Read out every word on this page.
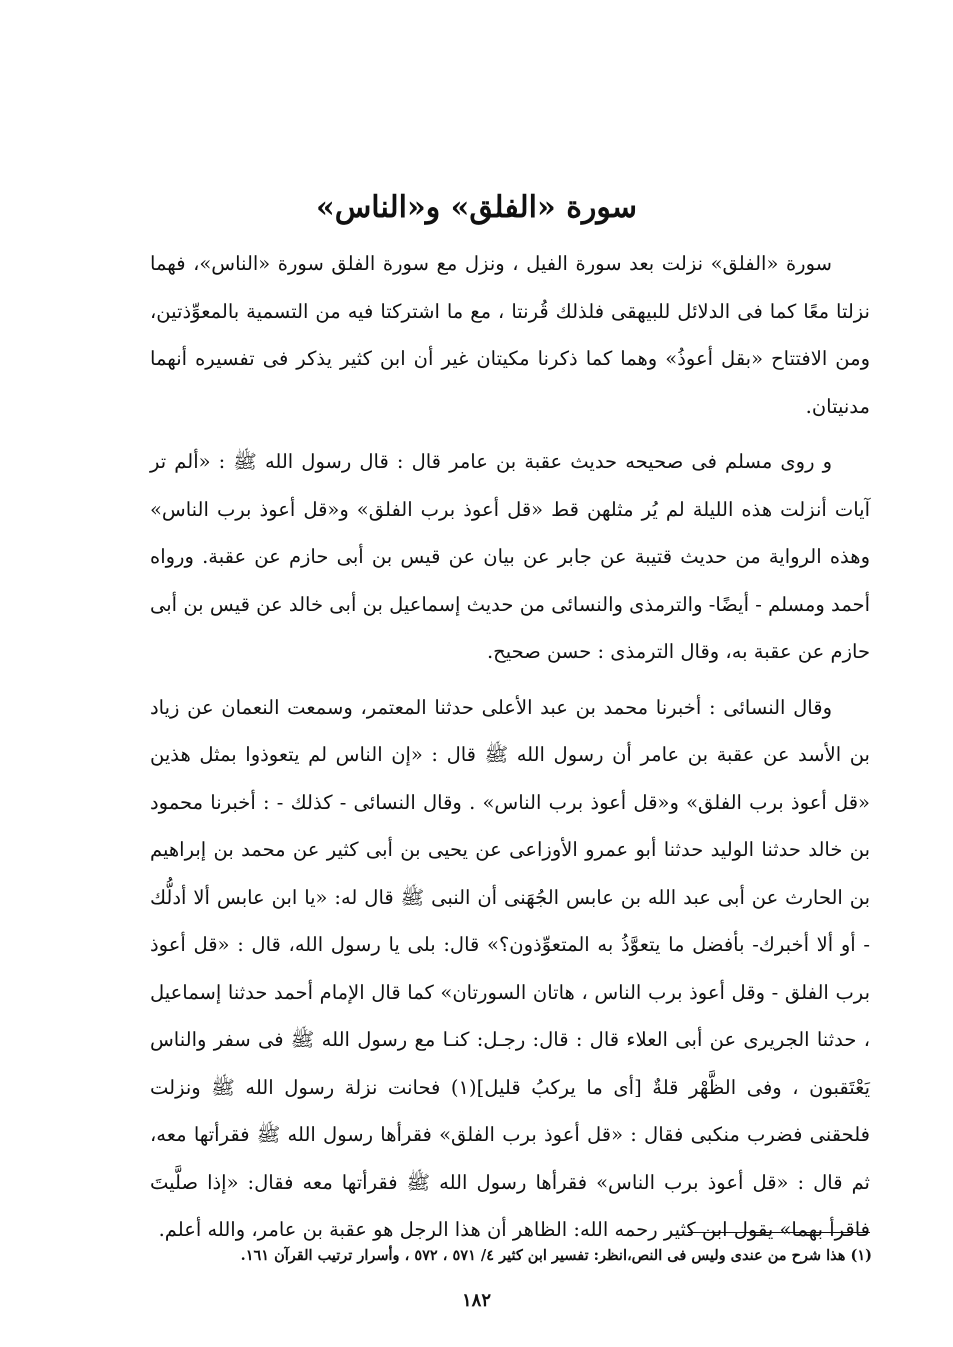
سورة «الفلق» و«الناس»

سورة «الفلق» نزلت بعد سورة الفيل ، ونزل مع سورة الفلق سورة «الناس»، فهما نزلتا معًا كما فى الدلائل للبيهقى فلذلك قُرنتا ، مع ما اشتركتا فيه من التسمية بالمعوِّذتين، ومن الافتتاح «بقل أعوذُ» وهما كما ذكرنا مكيتان غير أن ابن كثير يذكر فى تفسيره أنهما مدنيتان.

و روى مسلم فى صحيحه حديث عقبة بن عامر قال : قال رسول الله ﷺ : «ألم تر آيات أنزلت هذه الليلة لم يُر مثلهن قط «قل أعوذ برب الفلق» و«قل أعوذ برب الناس» وهذه الرواية من حديث قتيبة عن جابر عن بيان عن قيس بن أبى حازم عن عقبة. ورواه أحمد ومسلم - أيضًا- والترمذى والنسائى من حديث إسماعيل بن أبى خالد عن قيس بن أبى حازم عن عقبة به، وقال الترمذى : حسن صحيح.

وقال النسائى : أخبرنا محمد بن عبد الأعلى حدثنا المعتمر، وسمعت النعمان عن زياد بن الأسد عن عقبة بن عامر أن رسول الله ﷺ قال : «إن الناس لم يتعوذوا بمثل هذين «قل أعوذ برب الفلق» و«قل أعوذ برب الناس» . وقال النسائى - كذلك - : أخبرنا محمود بن خالد حدثنا الوليد حدثنا أبو عمرو الأوزاعى عن يحيى بن أبى كثير عن محمد بن إبراهيم بن الحارث عن أبى عبد الله بن عابس الجُهَنى أن النبى ﷺ قال له: «يا ابن عابس ألا أدلُّك - أو ألا أخبرك- بأفضل ما يتعوَّذُ به المتعوِّذون؟» قال: بلى يا رسول الله، قال : «قل أعوذ برب الفلق - وقل أعوذ برب الناس ، هاتان السورتان» كما قال الإمام أحمد حدثنا إسماعيل ، حدثنا الجريرى عن أبى العلاء قال : قال: رجـل: كنـا مع رسول الله ﷺ فى سفر والناس يَعْتَقبون ، وفى الظَّهْر قلةٌ [أى ما يركبُ قليل](١) فحانت نزلة رسول الله ﷺ ونزلت فلحقنى فضرب منكبى فقال : «قل أعوذ برب الفلق» فقرأها رسول الله ﷺ فقرأتها معه، ثم قال : «قل أعوذ برب الناس» فقرأها رسول الله ﷺ فقرأتها معه فقال: «إذا صلَّيتَ فاقرأ بهما» يقول ابن كثير رحمه الله: الظاهر أن هذا الرجل هو عقبة بن عامر، والله أعلم.

(١) هذا شرح من عندى وليس فى النص،انظر: تفسير ابن كثير ٤/ ٥٧١ ، ٥٧٢ ، وأسرار ترتيب القرآن ١٦١.
١٨٢
